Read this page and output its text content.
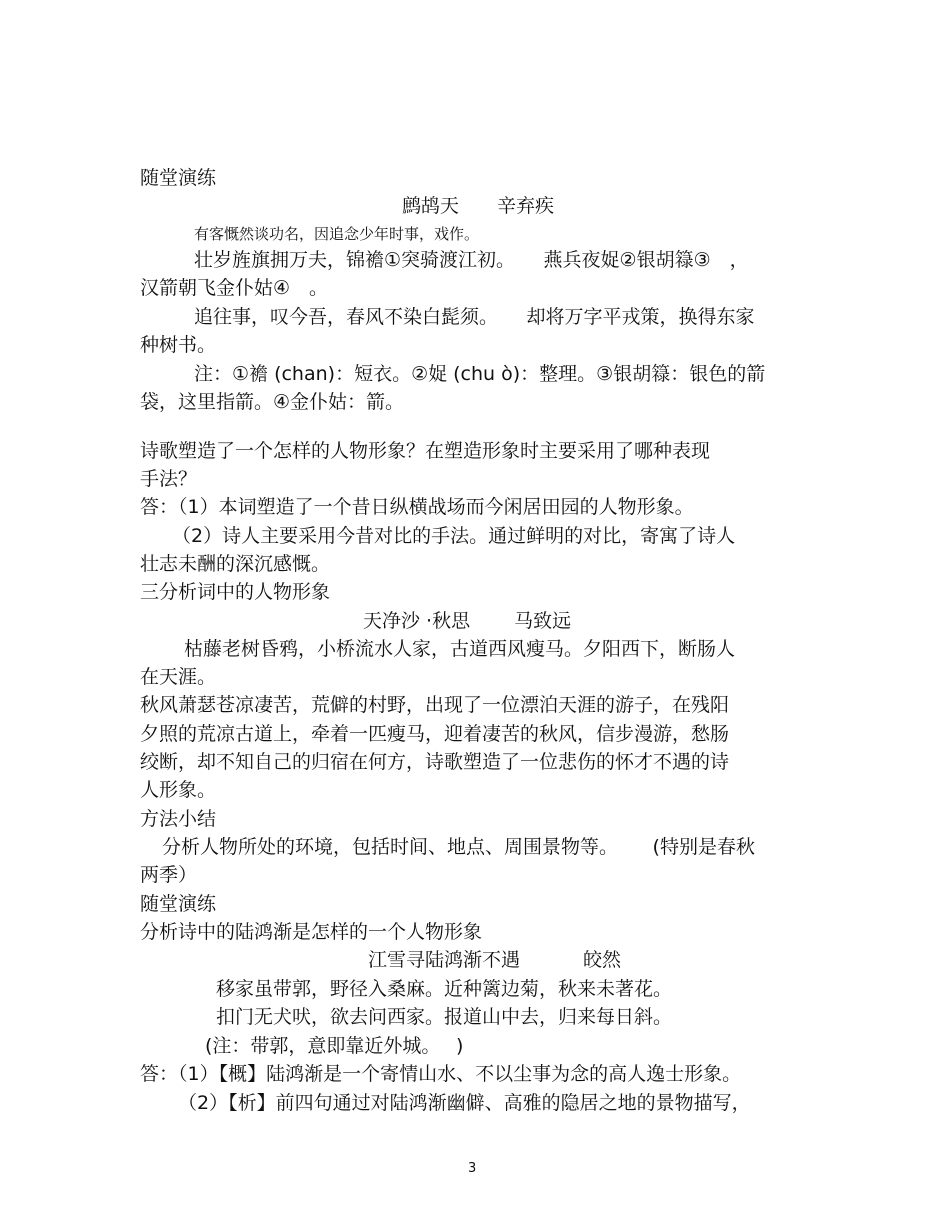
随堂演练
鹧鸪天　　辛弃疾
有客慨然谈功名，因追念少年时事，戏作。
壮岁旌旗拥万夫，锦襜①突骑渡江初。　　燕兵夜娖②银胡簶③　，
汉箭朝飞金仆姑④　。
追往事，叹今吾，春风不染白髭须。　　却将万字平戎策，换得东家
种树书。
注：①襜 (chan)：短衣。②娖 (chu ò)：整理。③银胡簶：银色的箭
袋，这里指箭。④金仆姑：箭。
诗歌塑造了一个怎样的人物形象？在塑造形象时主要采用了哪种表现
手法？
答：（1）本词塑造了一个昔日纵横战场而今闲居田园的人物形象。
（2）诗人主要采用今昔对比的手法。通过鲜明的对比，寄寓了诗人
壮志未酬的深沉感慨。
三分析词中的人物形象
天净沙 ·秋思　　 马致远
枯藤老树昏鸦，小桥流水人家，古道西风瘦马。夕阳西下，断肠人
在天涯。
秋风萧瑟苍凉凄苦，荒僻的村野，出现了一位漂泊天涯的游子，在残阳
夕照的荒凉古道上，牵着一匹瘦马，迎着凄苦的秋风，信步漫游，愁肠
绞断，却不知自己的归宿在何方，诗歌塑造了一位悲伤的怀才不遇的诗
人形象。
方法小结
分析人物所处的环境，包括时间、地点、周围景物等。　　 (特别是春秋
两季）
随堂演练
分析诗中的陆鸿渐是怎样的一个人物形象
江雪寻陆鸿渐不遇　　　 皎然
移家虽带郭，野径入桑麻。近种篱边菊，秋来未著花。
扣门无犬吠，欲去问西家。报道山中去，归来每日斜。
(注：带郭，意即靠近外城。　 )
答：（1）【概】陆鸿渐是一个寄情山水、不以尘事为念的高人逸士形象。
（2）【析】前四句通过对陆鸿渐幽僻、高雅的隐居之地的景物描写，
3
